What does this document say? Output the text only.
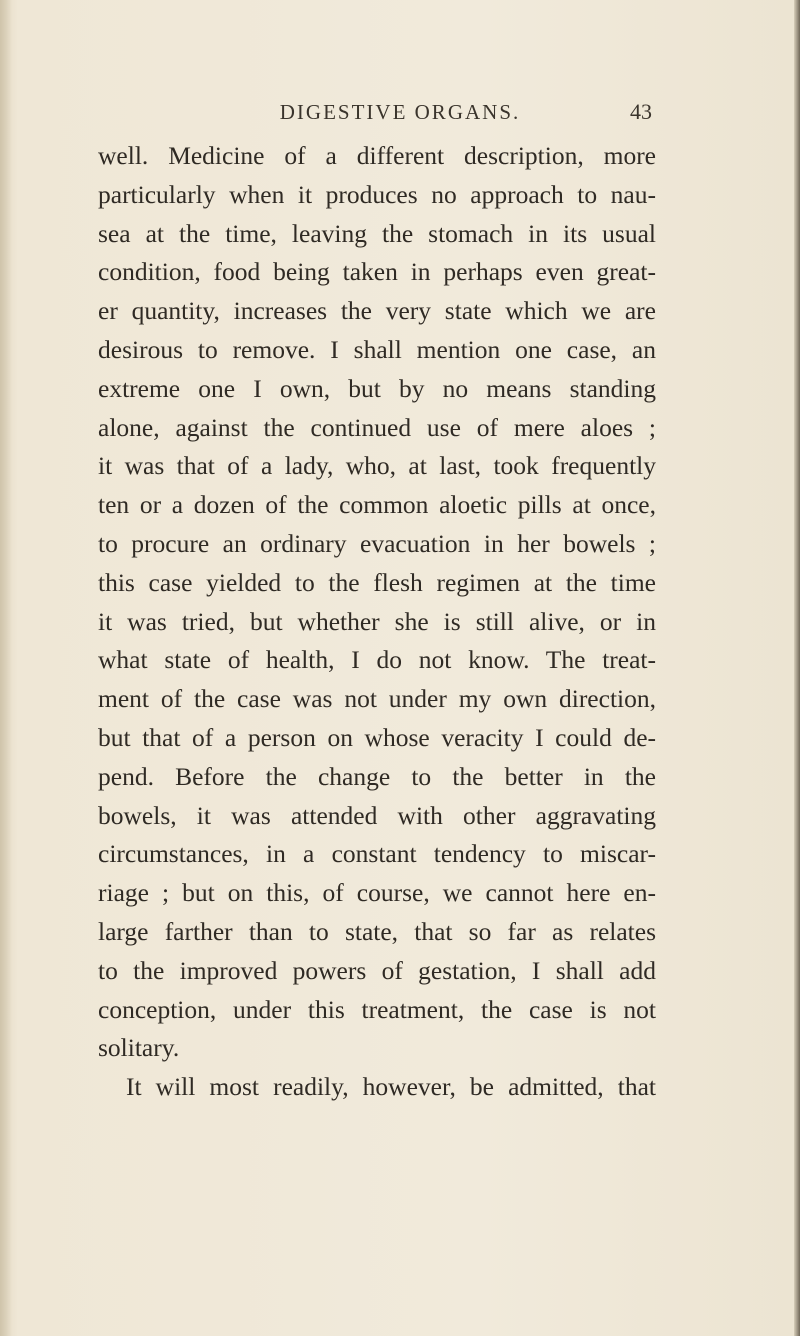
DIGESTIVE ORGANS.	43
well. Medicine of a different description, more
particularly when it produces no approach to nau-
sea at the time, leaving the stomach in its usual
condition, food being taken in perhaps even great-
er quantity, increases the very state which we are
desirous to remove. I shall mention one case, an
extreme one I own, but by no means standing
alone, against the continued use of mere aloes ;
it was that of a lady, who, at last, took frequently
ten or a dozen of the common aloetic pills at once,
to procure an ordinary evacuation in her bowels ;
this case yielded to the flesh regimen at the time
it was tried, but whether she is still alive, or in
what state of health, I do not know. The treat-
ment of the case was not under my own direction,
but that of a person on whose veracity I could de-
pend. Before the change to the better in the
bowels, it was attended with other aggravating
circumstances, in a constant tendency to miscar-
riage ; but on this, of course, we cannot here en-
large farther than to state, that so far as relates
to the improved powers of gestation, I shall add
conception, under this treatment, the case is not
solitary.
It will most readily, however, be admitted, that
